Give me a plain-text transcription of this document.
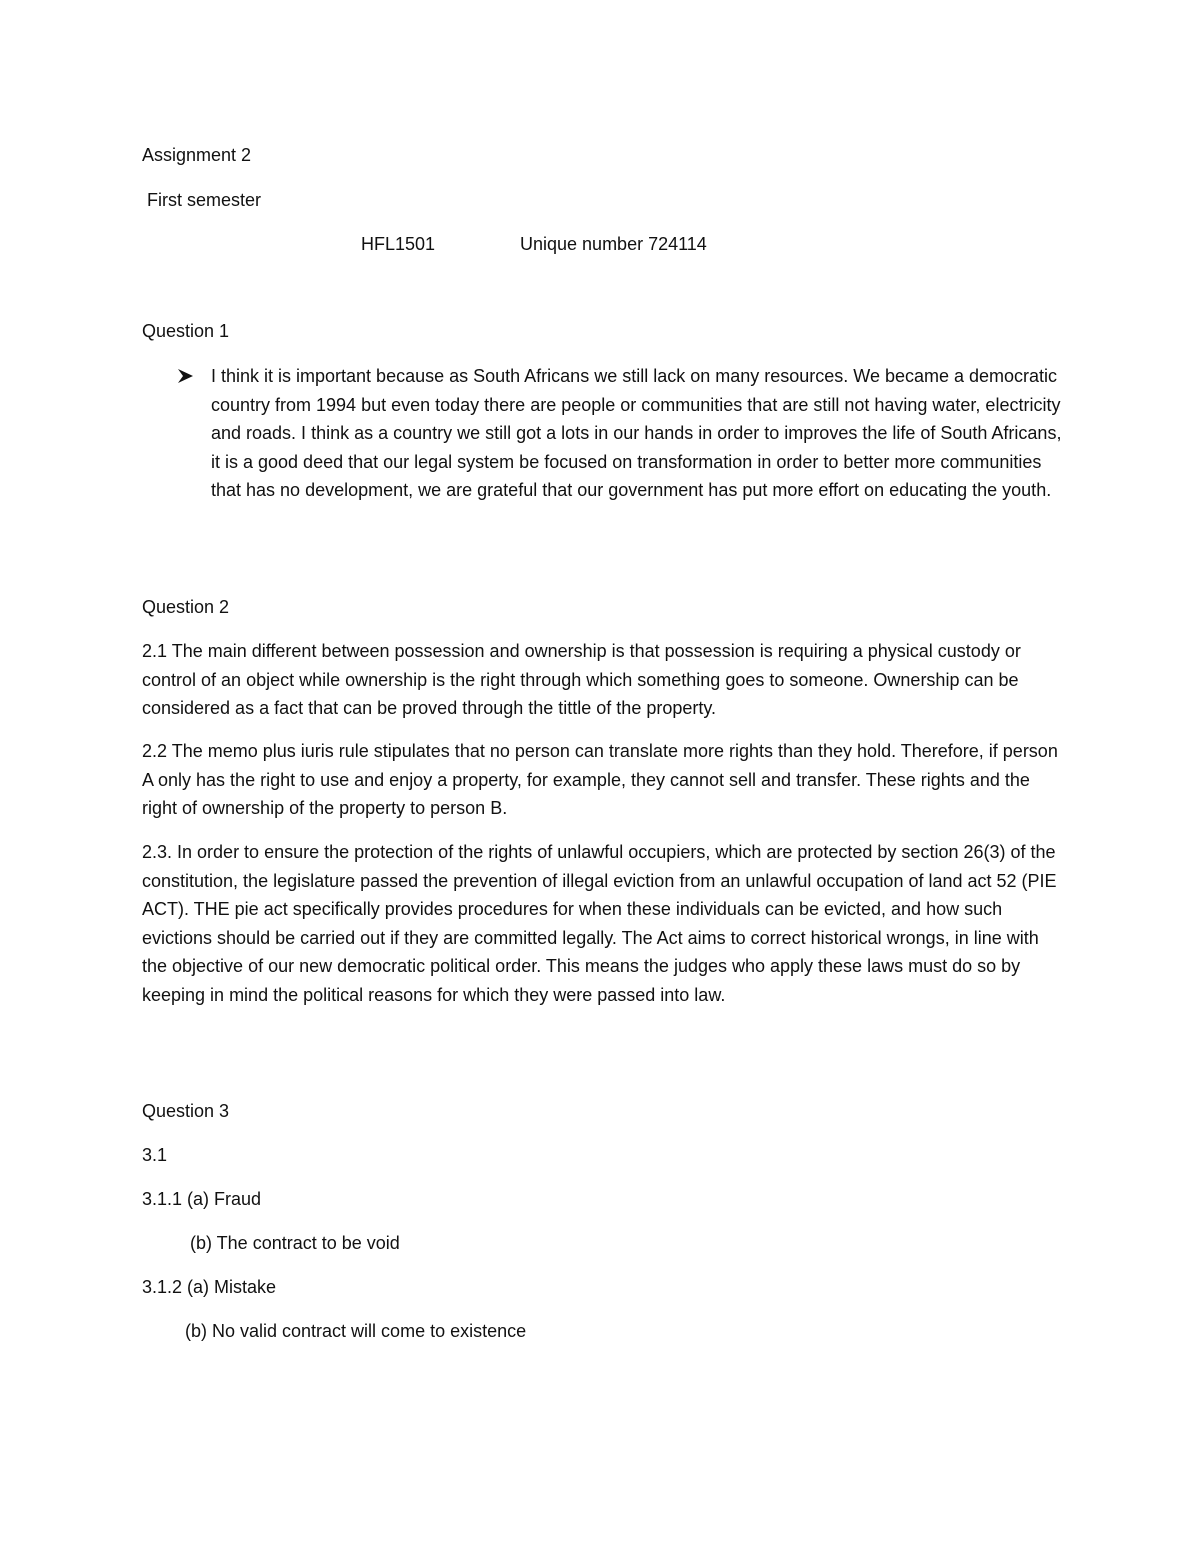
Assignment 2
First semester
HFL1501	Unique number 724114
Question 1
I think it is important because as South Africans we still lack on many resources. We became a democratic country from 1994 but even today there are people or communities that are still not having water, electricity and roads. I think as a country we still got a lots in our hands in order to improves the life of South Africans, it is a good deed that our legal system be focused on transformation in order to better more communities that has no development, we are grateful that our government has put more effort on educating the youth.
Question 2
2.1 The main different between possession and ownership is that possession is requiring a physical custody or control of an object while ownership is the right through which something goes to someone. Ownership can be considered as a fact that can be proved through the tittle of the property.
2.2 The memo plus iuris rule stipulates that no person can translate more rights than they hold. Therefore, if person A only has the right to use and enjoy a property, for example, they cannot sell and transfer. These rights and the right of ownership of the property to person B.
2.3. In order to ensure the protection of the rights of unlawful occupiers, which are protected by section 26(3) of the constitution, the legislature passed the prevention of illegal eviction from an unlawful occupation of land act 52 (PIE ACT). THE pie act specifically provides procedures for when these individuals can be evicted, and how such evictions should be carried out if they are committed legally. The Act aims to correct historical wrongs, in line with the objective of our new democratic political order. This means the judges who apply these laws must do so by keeping in mind the political reasons for which they were passed into law.
Question 3
3.1
3.1.1 (a) Fraud
(b) The contract to be void
3.1.2 (a) Mistake
(b) No valid contract will come to existence
